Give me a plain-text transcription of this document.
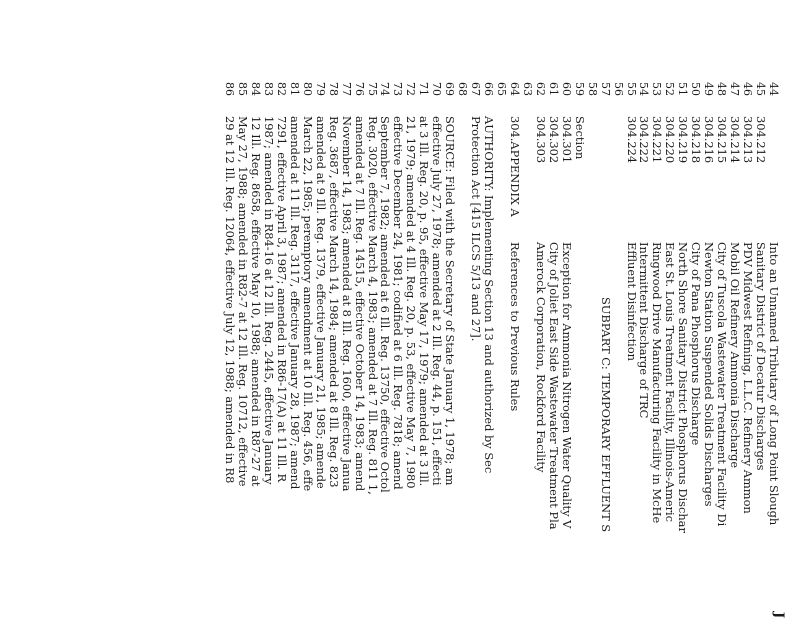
J
44
Into an Unnamed Tributary of Long Point Slough
45
304.212
Sanitary District of Decatur Discharges
46
304.213
PDV Midwest Refining, L.L.C. Refinery Ammon
47
304.214
Mobil Oil Refinery Ammonia Discharge
48
304.215
City of Tuscola Wastewater Treatment Facility Di
49
304.216
Newton Station Suspended Solids Discharges
50
304.218
City of Pana Phosphorus Discharge
51
304.219
North Shore Sanitary District Phosphorus Dischar
52
304.220
East St. Louis Treatment Facility, Illinois-Americ
53
304.221
Ringwood Drive Manufacturing Facility in McHe
54
304.222
Intermittent Discharge of TRC
55
304.224
Effluent Disinfection
56
57
SUBPART C: TEMPORARY EFFLUENT S
58
59
Section
60
304.301
Exception for Ammonia Nitrogen Water Quality V
61
304.302
City of Joliet East Side Wastewater Treatment Pla
62
304.303
Amerock Corporation, Rockford Facility
63
64
304.APPENDIX A
References to Previous Rules
65
66
AUTHORITY: Implementing Section 13 and authorized by Sec
67
Protection Act [415 ILCS 5/13 and 27].
68
69
SOURCE: Filed with the Secretary of State January 1, 1978; am
70
effective July 27, 1978; amended at 2 Ill. Reg. 44, p. 151, effecti
71
at 3 Ill. Reg. 20, p. 95, effective May 17, 1979; amended at 3 Ill.
72
21, 1979; amended at 4 Ill. Reg. 20, p. 53, effective May 7, 1980
73
effective December 24, 1981; codified at 6 Ill. Reg. 7818; amend
74
September 7, 1982; amended at 6 Ill. Reg. 13750, effective Octol
75
Reg. 3020, effective March 4, 1983; amended at 7 Ill. Reg. 811 1,
76
amended at 7 Ill. Reg. 14515, effective October 14, 1983; amend
77
November 14, 1983; amended at 8 Ill. Reg. 1600, effective Janua
78
Reg. 3687, effective March 14, 1984; amended at 8 Ill. Reg. 823
79
amended at 9 Ill. Reg. 1379, effective January 21, 1985; amende
80
March 22, 1985; peremptory amendment at 10 Ill. Reg. 456, effe
81
amended at 11 Ill. Reg. 3117, effective January 28, 1987; amend
82
7291, effective April 3, 1987; amended in R86-17(A) at 11 Ill. R
83
1987; amended in R84-16 at 12 Ill. Reg. 2445, effective January
84
12 Ill. Reg. 8658, effective May 10, 1988; amended in R87-27 at
85
May 27, 1988; amended in R82-7 at 12 Ill. Reg. 10712, effective
86
29 at 12 Ill. Reg. 12064, effective July 12, 1988; amended in R8
